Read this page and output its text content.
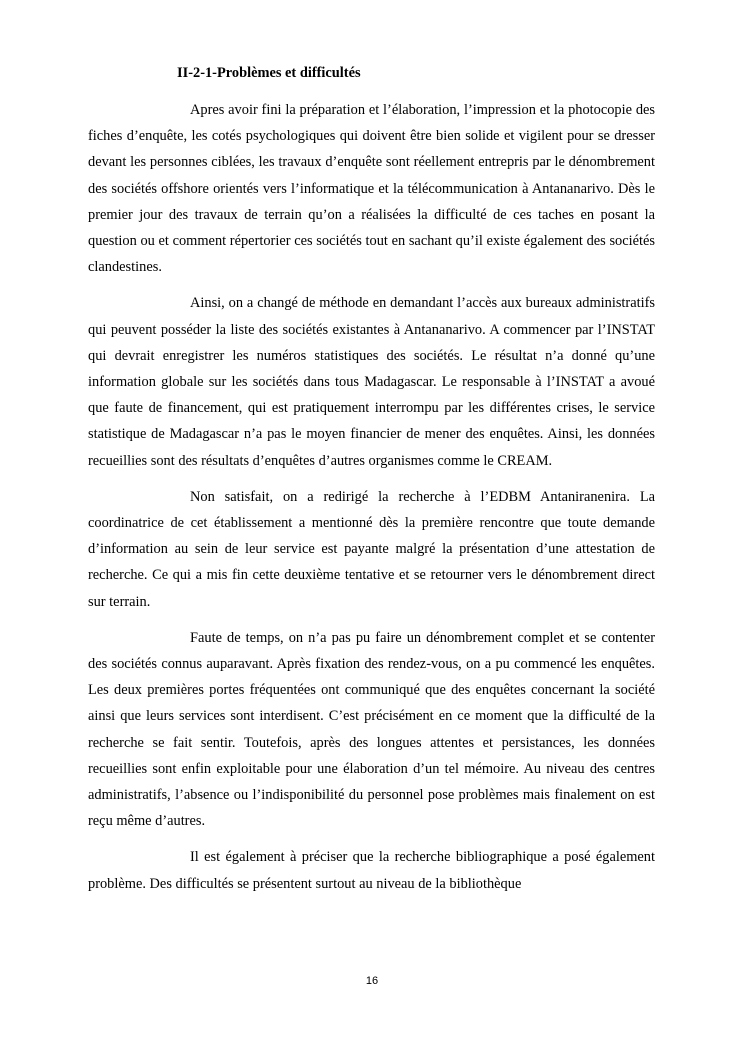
II-2-1-Problèmes et difficultés

Apres avoir fini la préparation et l’élaboration, l’impression et la photocopie des fiches d’enquête, les cotés psychologiques qui doivent être bien solide et vigilent pour se dresser devant les personnes ciblées, les travaux d’enquête sont réellement entrepris par le dénombrement des sociétés offshore orientés vers l’informatique et la télécommunication à Antananarivo. Dès le premier jour des travaux de terrain qu’on a réalisées la difficulté de ces taches en posant la question ou et comment répertorier ces sociétés tout en sachant qu’il existe également des sociétés clandestines.

Ainsi, on a changé de méthode en demandant l’accès aux bureaux administratifs qui peuvent posséder la liste des sociétés existantes à Antananarivo. A commencer par l’INSTAT qui devrait enregistrer les numéros statistiques des sociétés. Le résultat n’a donné qu’une information globale sur les sociétés dans tous Madagascar. Le responsable à l’INSTAT a avoué que faute de financement, qui est pratiquement interrompu par les différentes crises, le service statistique de Madagascar n’a pas le moyen financier de mener des enquêtes. Ainsi, les données recueillies sont des résultats d’enquêtes d’autres organismes comme le CREAM.

Non satisfait, on a redirigé la recherche à l’EDBM Antaniranenira. La coordinatrice de cet établissement a mentionné dès la première rencontre que toute demande d’information au sein de leur service est payante malgré la présentation d’une attestation de recherche. Ce qui a mis fin cette deuxième tentative et se retourner vers le dénombrement direct sur terrain.

Faute de temps, on n’a pas pu faire un dénombrement complet et se contenter des sociétés connus auparavant. Après fixation des rendez-vous, on a pu commencé les enquêtes. Les deux premières portes fréquentées ont communiqué que des enquêtes concernant la société ainsi que leurs services sont interdisent. C’est précisément en ce moment que la difficulté de la recherche se fait sentir. Toutefois, après des longues attentes et persistances, les données recueillies sont enfin exploitable pour une élaboration d’un tel mémoire. Au niveau des centres administratifs, l’absence ou l’indisponibilité du personnel pose problèmes mais finalement on est reçu même d’autres.

Il est également à préciser que la recherche bibliographique a posé également problème. Des difficultés se présentent surtout au niveau de la bibliothèque

16
